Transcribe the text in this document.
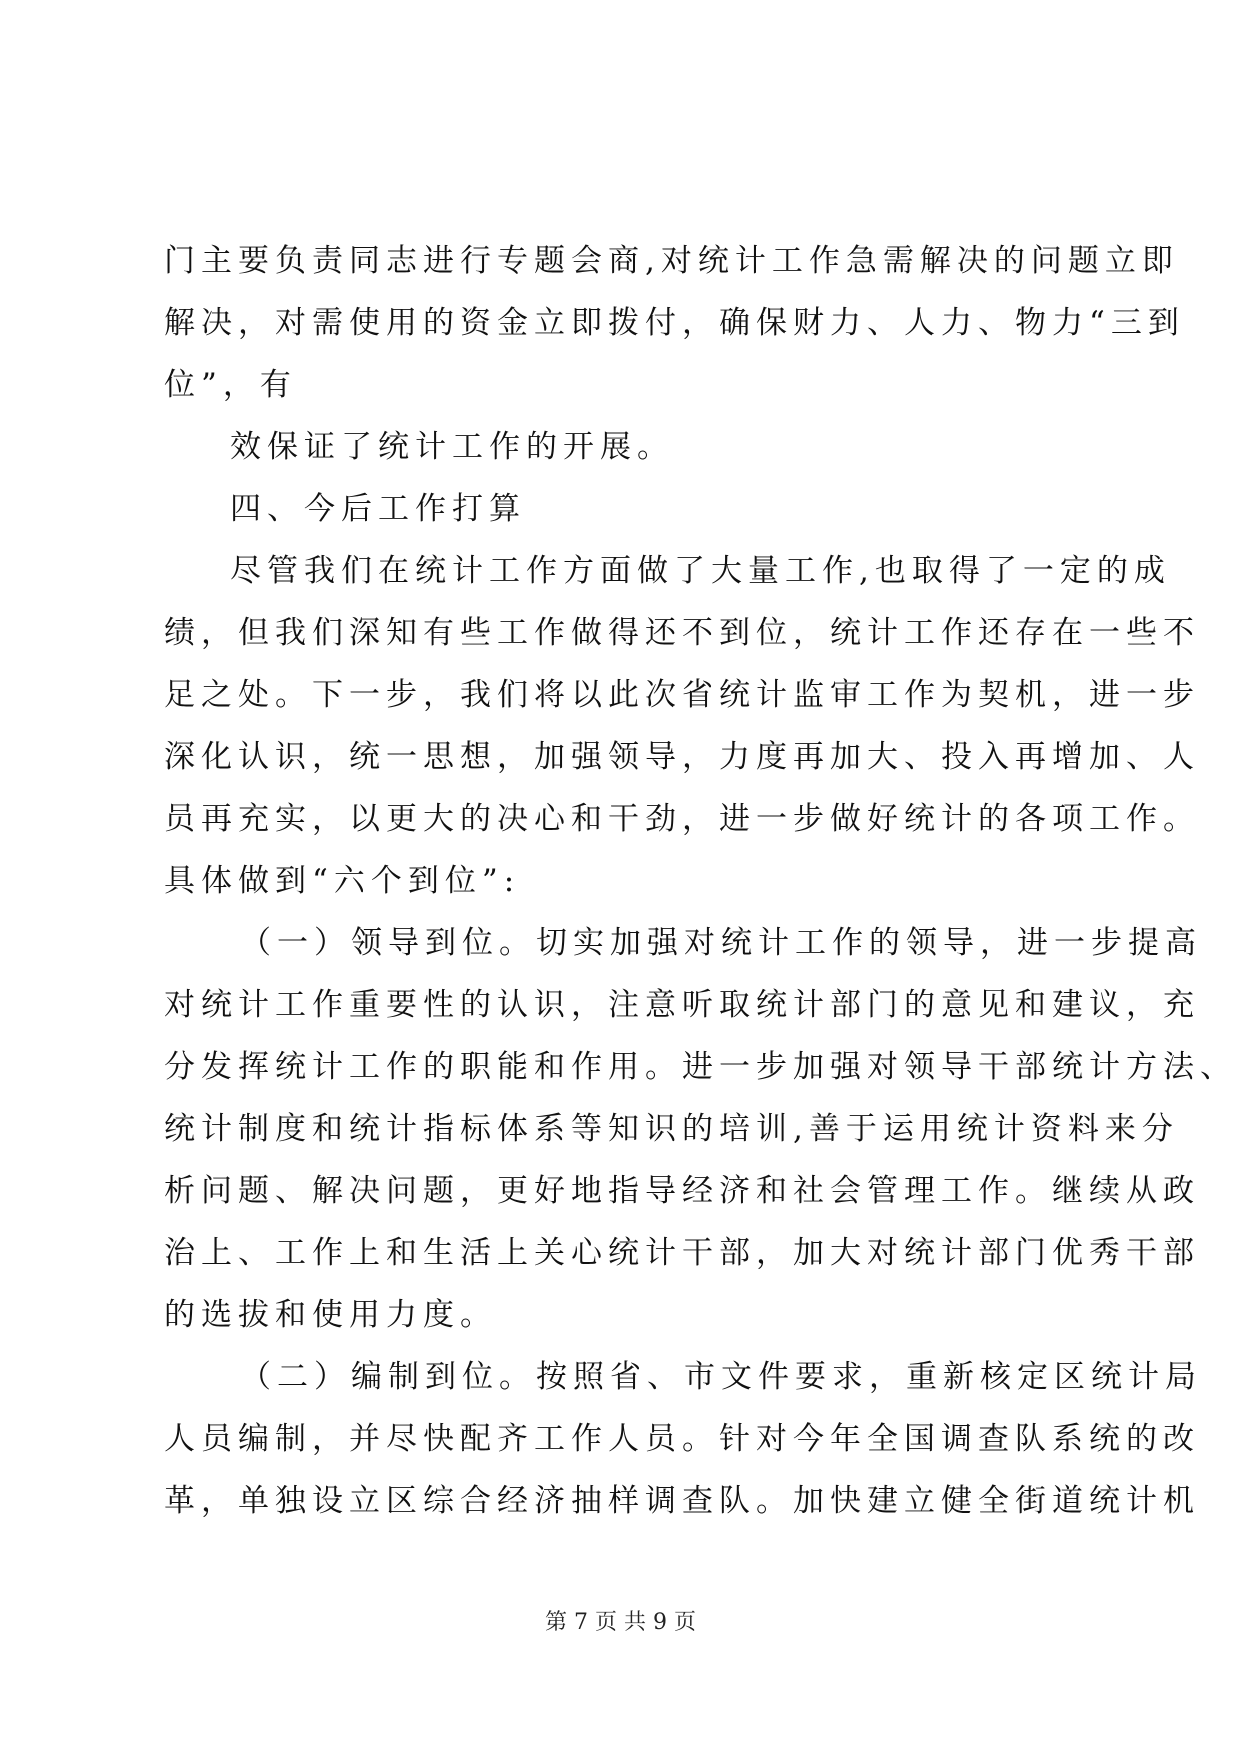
门主要负责同志进行专题会商,对统计工作急需解决的问题立即
解决，对需使用的资金立即拨付，确保财力、人力、物力“三到
位”，有
效保证了统计工作的开展。
四、今后工作打算
尽管我们在统计工作方面做了大量工作,也取得了一定的成
绩，但我们深知有些工作做得还不到位，统计工作还存在一些不
足之处。下一步，我们将以此次省统计监审工作为契机，进一步
深化认识，统一思想，加强领导，力度再加大、投入再增加、人
员再充实，以更大的决心和干劲，进一步做好统计的各项工作。
具体做到“六个到位”:
（一）领导到位。切实加强对统计工作的领导，进一步提高
对统计工作重要性的认识，注意听取统计部门的意见和建议，充
分发挥统计工作的职能和作用。进一步加强对领导干部统计方法、
统计制度和统计指标体系等知识的培训,善于运用统计资料来分
析问题、解决问题，更好地指导经济和社会管理工作。继续从政
治上、工作上和生活上关心统计干部，加大对统计部门优秀干部
的选拔和使用力度。
（二）编制到位。按照省、市文件要求，重新核定区统计局
人员编制，并尽快配齐工作人员。针对今年全国调查队系统的改
革，单独设立区综合经济抽样调查队。加快建立健全街道统计机
第 7 页 共 9 页
